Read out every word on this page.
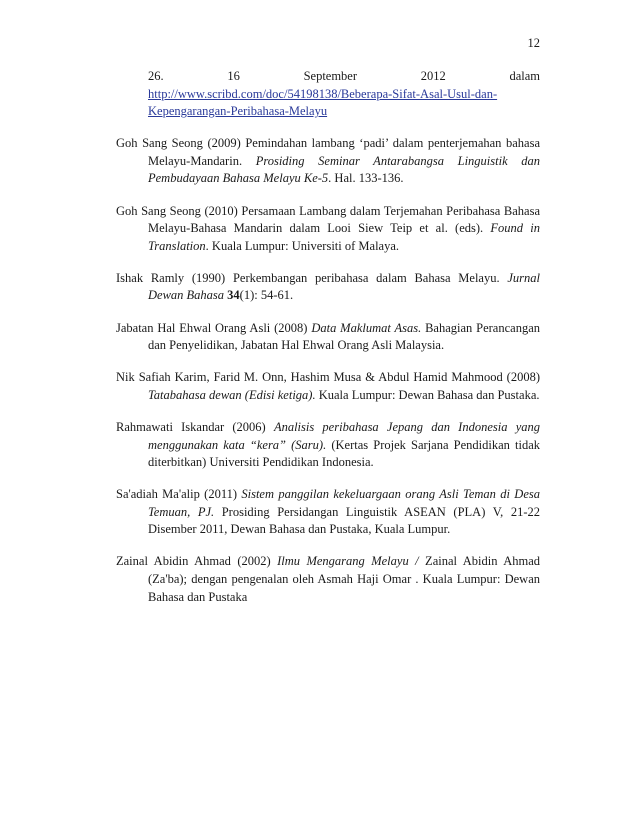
12

26. 16 September 2012 dalam http://www.scribd.com/doc/54198138/Beberapa-Sifat-Asal-Usul-dan-Kepengarangan-Peribahasa-Melayu

Goh Sang Seong (2009) Pemindahan lambang ‘padi’ dalam penterjemahan bahasa Melayu-Mandarin. Prosiding Seminar Antarabangsa Linguistik dan Pembudayaan Bahasa Melayu Ke-5. Hal. 133-136.

Goh Sang Seong (2010) Persamaan Lambang dalam Terjemahan Peribahasa Bahasa Melayu-Bahasa Mandarin dalam Looi Siew Teip et al. (eds). Found in Translation. Kuala Lumpur: Universiti of Malaya.

Ishak Ramly (1990) Perkembangan peribahasa dalam Bahasa Melayu. Jurnal Dewan Bahasa 34(1): 54-61.

Jabatan Hal Ehwal Orang Asli (2008) Data Maklumat Asas. Bahagian Perancangan dan Penyelidikan, Jabatan Hal Ehwal Orang Asli Malaysia.

Nik Safiah Karim, Farid M. Onn, Hashim Musa & Abdul Hamid Mahmood (2008) Tatabahasa dewan (Edisi ketiga). Kuala Lumpur: Dewan Bahasa dan Pustaka.

Rahmawati Iskandar (2006) Analisis peribahasa Jepang dan Indonesia yang menggunakan kata “kera” (Saru). (Kertas Projek Sarjana Pendidikan tidak diterbitkan) Universiti Pendidikan Indonesia.

Sa'adiah Ma'alip (2011) Sistem panggilan kekeluargaan orang Asli Teman di Desa Temuan, PJ. Prosiding Persidangan Linguistik ASEAN (PLA) V, 21-22 Disember 2011, Dewan Bahasa dan Pustaka, Kuala Lumpur.

Zainal Abidin Ahmad (2002) Ilmu Mengarang Melayu / Zainal Abidin Ahmad (Za'ba); dengan pengenalan oleh Asmah Haji Omar . Kuala Lumpur: Dewan Bahasa dan Pustaka
